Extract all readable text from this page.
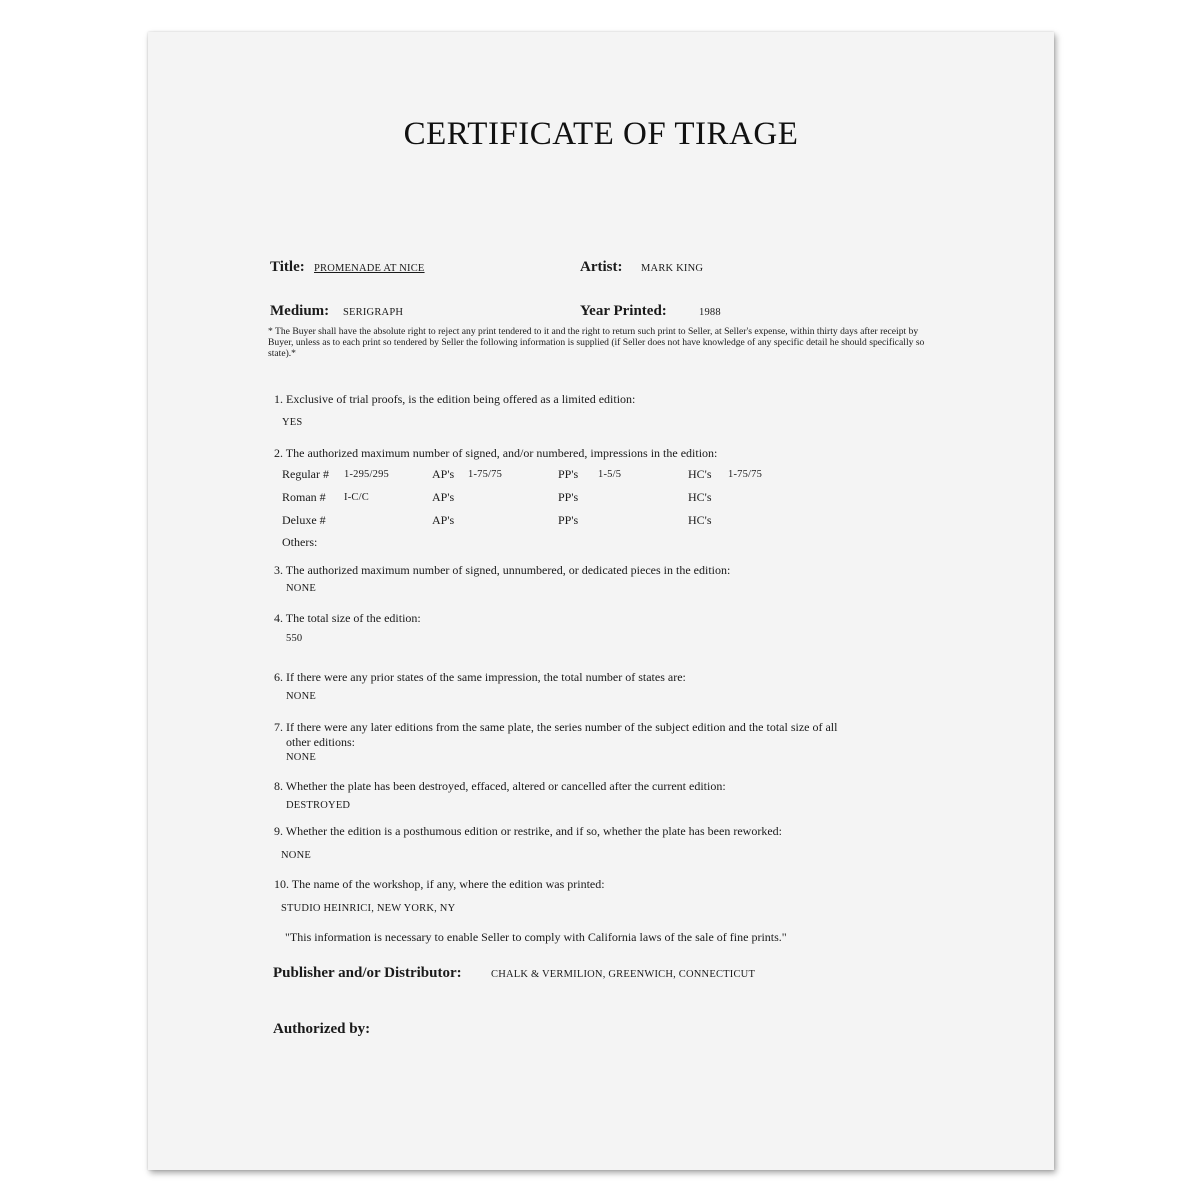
CERTIFICATE OF TIRAGE
Title: PROMENADE AT NICE	Artist: MARK KING
Medium: SERIGRAPH	Year Printed:	1988
* The Buyer shall have the absolute right to reject any print tendered to it and the right to return such print to Seller, at Seller's expense, within thirty days after receipt by Buyer, unless as to each print so tendered by Seller the following information is supplied (if Seller does not have knowledge of any specific detail he should specifically so state).*
1. Exclusive of trial proofs, is the edition being offered as a limited edition:
YES
2. The authorized maximum number of signed, and/or numbered, impressions in the edition:
Regular # 1-295/295	AP's 1-75/75	PP's 1-5/5	HC's 1-75/75
Roman # I-C/C	AP's	PP's	HC's
Deluxe #	AP's	PP's	HC's
Others:
3. The authorized maximum number of signed, unnumbered, or dedicated pieces in the edition:
NONE
4. The total size of the edition:
550
6. If there were any prior states of the same impression, the total number of states are:
NONE
7. If there were any later editions from the same plate, the series number of the subject edition and the total size of all
other editions:
NONE
8. Whether the plate has been destroyed, effaced, altered or cancelled after the current edition:
DESTROYED
9. Whether the edition is a posthumous edition or restrike, and if so, whether the plate has been reworked:
NONE
10. The name of the workshop, if any, where the edition was printed:
STUDIO HEINRICI, NEW YORK, NY
"This information is necessary to enable Seller to comply with California laws of the sale of fine prints."
Publisher and/or Distributor:	CHALK & VERMILION, GREENWICH, CONNECTICUT
Authorized by:
